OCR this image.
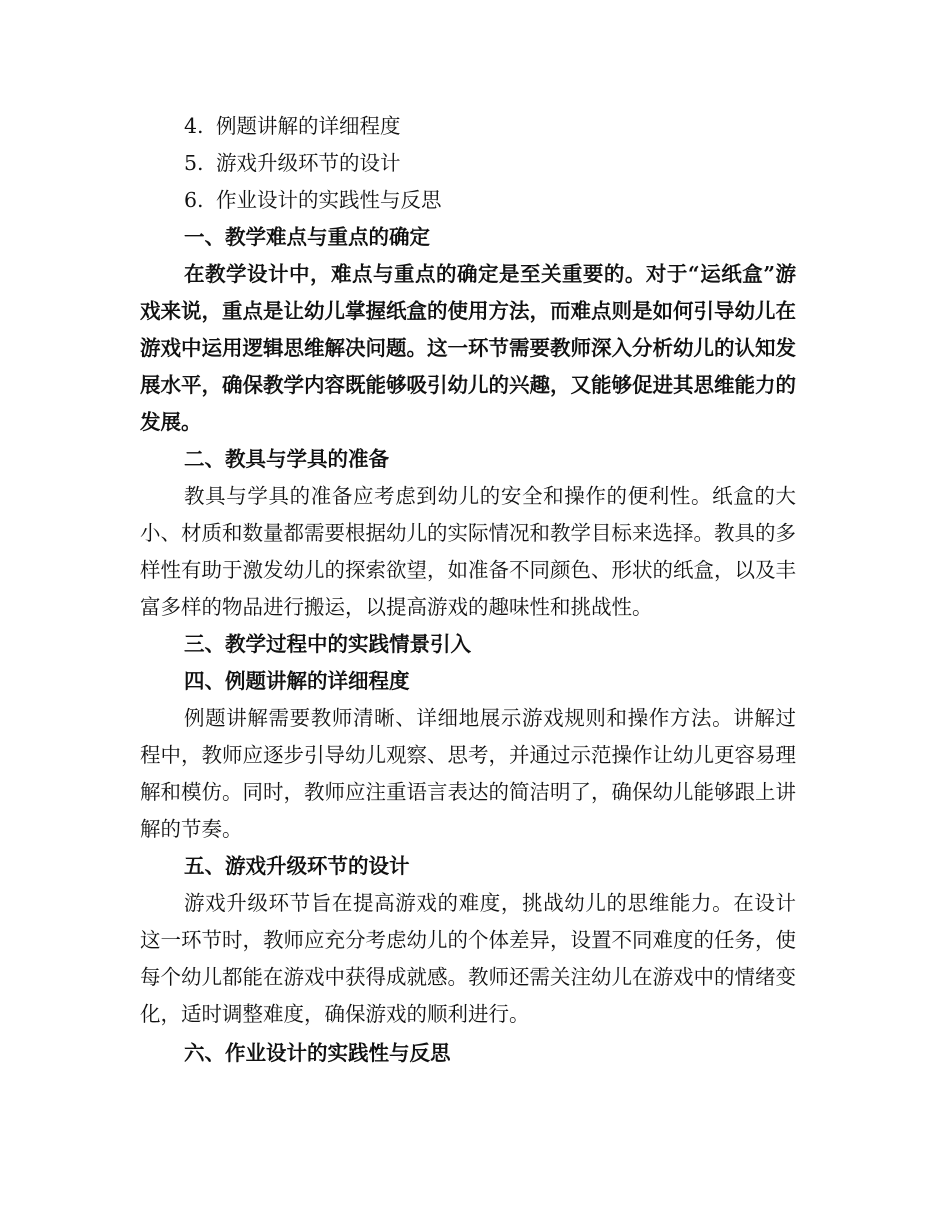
4. 例题讲解的详细程度
5. 游戏升级环节的设计
6. 作业设计的实践性与反思
一、教学难点与重点的确定

在教学设计中，难点与重点的确定是至关重要的。对于“运纸盒”游戏来说，重点是让幼儿掌握纸盒的使用方法，而难点则是如何引导幼儿在游戏中运用逻辑思维解决问题。这一环节需要教师深入分析幼儿的认知发展水平，确保教学内容既能够吸引幼儿的兴趣，又能够促进其思维能力的发展。

二、教具与学具的准备

教具与学具的准备应考虑到幼儿的安全和操作的便利性。纸盒的大小、材质和数量都需要根据幼儿的实际情况和教学目标来选择。教具的多样性有助于激发幼儿的探索欲望，如准备不同颜色、形状的纸盒，以及丰富多样的物品进行搬运，以提高游戏的趣味性和挑战性。

三、教学过程中的实践情景引入
四、例题讲解的详细程度

例题讲解需要教师清晰、详细地展示游戏规则和操作方法。讲解过程中，教师应逐步引导幼儿观察、思考，并通过示范操作让幼儿更容易理解和模仿。同时，教师应注重语言表达的简洁明了，确保幼儿能够跟上讲解的节奏。

五、游戏升级环节的设计

游戏升级环节旨在提高游戏的难度，挑战幼儿的思维能力。在设计这一环节时，教师应充分考虑幼儿的个体差异，设置不同难度的任务，使每个幼儿都能在游戏中获得成就感。教师还需关注幼儿在游戏中的情绪变化，适时调整难度，确保游戏的顺利进行。

六、作业设计的实践性与反思
